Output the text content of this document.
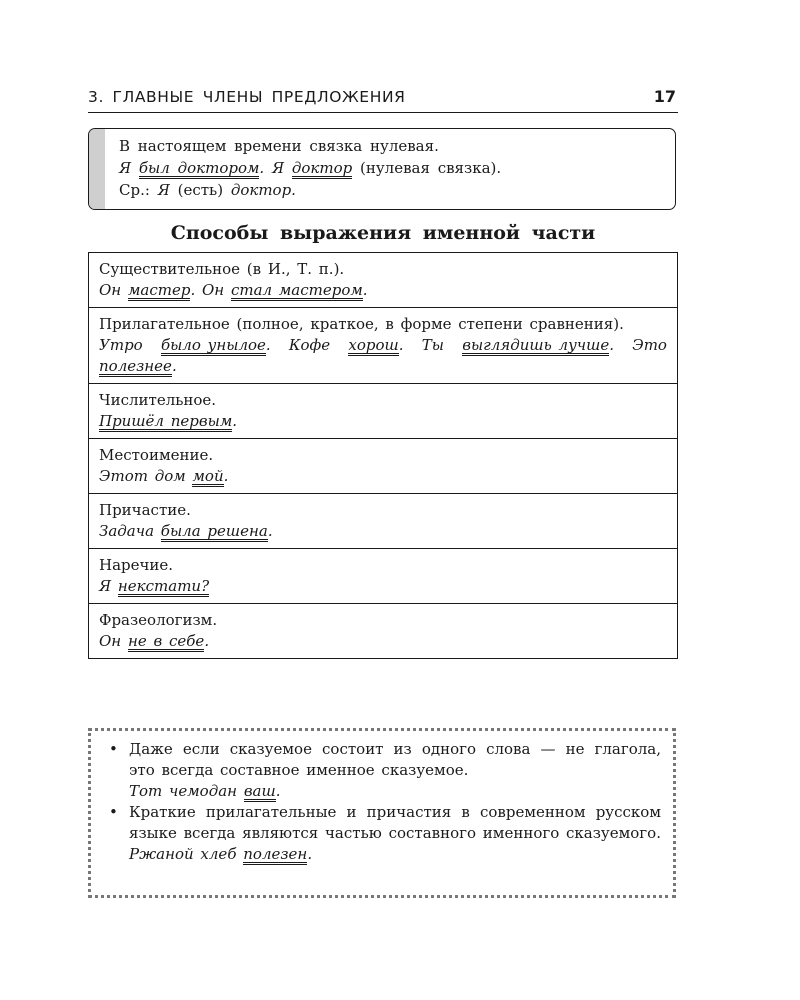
3. ГЛАВНЫЕ ЧЛЕНЫ ПРЕДЛОЖЕНИЯ	17
В настоящем времени связка нулевая.
Я был доктором. Я доктор (нулевая связка).
Ср.: Я (есть) доктор.
Способы выражения именной части
Существительное (в И., Т. п.).
Он мастер. Он стал мастером.
Прилагательное (полное, краткое, в форме степени сравнения).
Утро было унылое. Кофе хорош. Ты выглядишь лучше. Это полезнее.
Числительное.
Пришёл первым.
Местоимение.
Этот дом мой.
Причастие.
Задача была решена.
Наречие.
Я некстати?
Фразеологизм.
Он не в себе.
• Даже если сказуемое состоит из одного слова — не глагола, это всегда составное именное сказуемое.
Тот чемодан ваш.
• Краткие прилагательные и причастия в современном русском языке всегда являются частью составного именного сказуемого.
Ржаной хлеб полезен.
